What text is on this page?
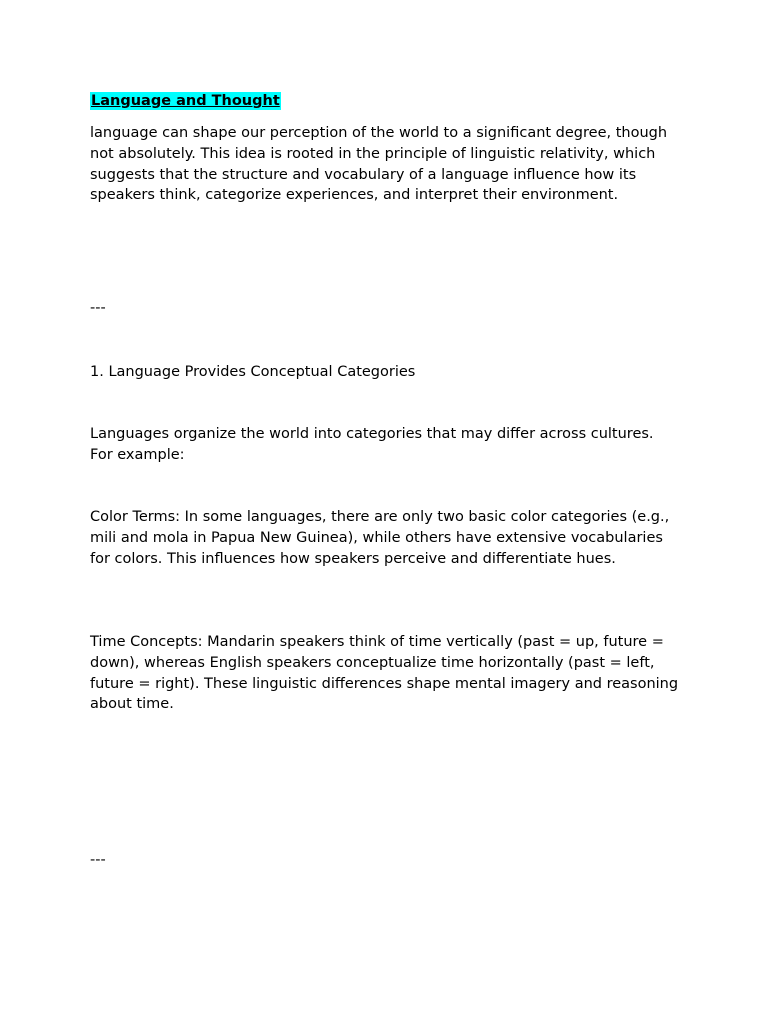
Language and Thought

language can shape our perception of the world to a significant degree, though not absolutely. This idea is rooted in the principle of linguistic relativity, which suggests that the structure and vocabulary of a language influence how its speakers think, categorize experiences, and interpret their environment.

---

1. Language Provides Conceptual Categories

Languages organize the world into categories that may differ across cultures. For example:

Color Terms: In some languages, there are only two basic color categories (e.g., mili and mola in Papua New Guinea), while others have extensive vocabularies for colors. This influences how speakers perceive and differentiate hues.

Time Concepts: Mandarin speakers think of time vertically (past = up, future = down), whereas English speakers conceptualize time horizontally (past = left, future = right). These linguistic differences shape mental imagery and reasoning about time.

---
